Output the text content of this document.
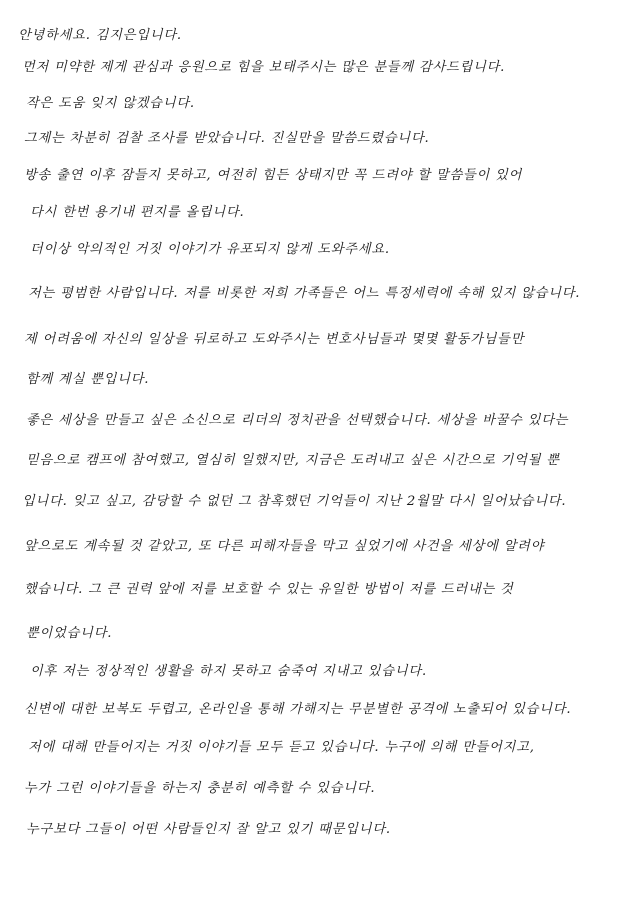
안녕하세요. 김지은입니다.
먼저 미약한 제게 관심과 응원으로 힘을 보태주시는 많은 분들께 감사드립니다.
작은 도움 잊지 않겠습니다.
그제는 차분히 검찰 조사를 받았습니다. 진실만을 말씀드렸습니다.
방송 출연 이후 잠들지 못하고, 여전히 힘든 상태지만 꼭 드려야 할 말씀들이 있어
다시 한번 용기내 편지를 올립니다.
더이상 악의적인 거짓 이야기가 유포되지 않게 도와주세요.
저는 평범한 사람입니다. 저를 비롯한 저희 가족들은 어느 특정세력에 속해 있지 않습니다.
제 어려움에 자신의 일상을 뒤로하고 도와주시는 변호사님들과 몇몇 활동가님들만
함께 계실 뿐입니다.
좋은 세상을 만들고 싶은 소신으로 리더의 정치관을 선택했습니다. 세상을 바꿀수 있다는
믿음으로 캠프에 참여했고, 열심히 일했지만, 지금은 도려내고 싶은 시간으로 기억될 뿐
입니다. 잊고 싶고, 감당할 수 없던 그 참혹했던 기억들이 지난 2월말 다시 일어났습니다.
앞으로도 계속될 것 같았고, 또 다른 피해자들을 막고 싶었기에 사건을 세상에 알려야
했습니다. 그 큰 권력 앞에 저를 보호할 수 있는 유일한 방법이 저를 드러내는 것
뿐이었습니다.
이후 저는 정상적인 생활을 하지 못하고 숨죽여 지내고 있습니다.
신변에 대한 보복도 두렵고, 온라인을 통해 가해지는 무분별한 공격에 노출되어 있습니다.
저에 대해 만들어지는 거짓 이야기들 모두 듣고 있습니다. 누구에 의해 만들어지고,
누가 그런 이야기들을 하는지 충분히 예측할 수 있습니다.
누구보다 그들이 어떤 사람들인지 잘 알고 있기 때문입니다.
